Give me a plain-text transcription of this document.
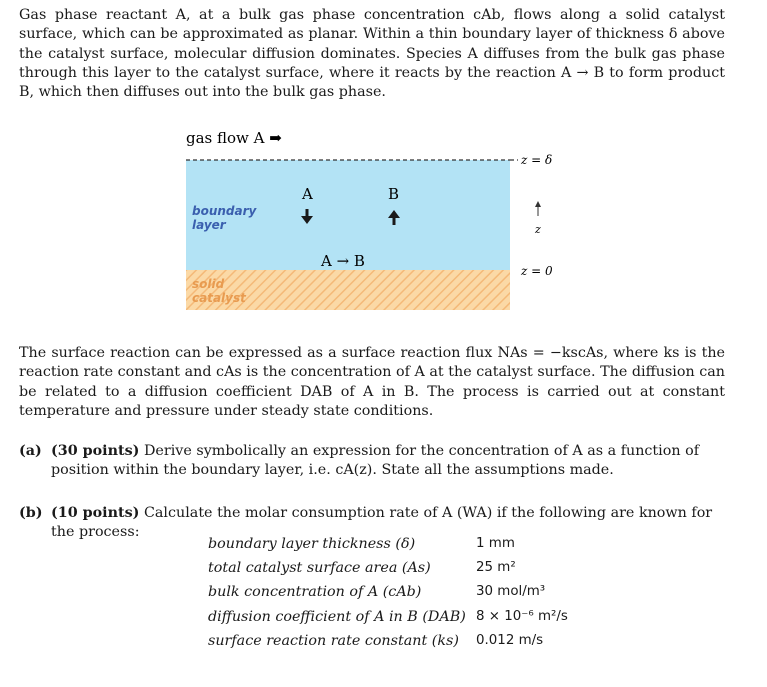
Gas phase reactant A, at a bulk gas phase concentration cAb, flows along a solid catalyst surface, which can be approximated as planar. Within a thin boundary layer of thickness δ above the catalyst surface, molecular diffusion dominates. Species A diffuses from the bulk gas phase through this layer to the catalyst surface, where it reacts by the reaction A → B to form product B, which then diffuses out into the bulk gas phase.
gas flow A ➡
z = δ
z = 0
z
A	B
A → B
boundary
layer
solid
catalyst
The surface reaction can be expressed as a surface reaction flux NAs = −kscAs, where ks is the reaction rate constant and cAs is the concentration of A at the catalyst surface. The diffusion can be related to a diffusion coefficient DAB of A in B. The process is carried out at constant temperature and pressure under steady state conditions.
(a) (30 points) Derive symbolically an expression for the concentration of A as a function of position within the boundary layer, i.e. cA(z). State all the assumptions made.
(b) (10 points) Calculate the molar consumption rate of A (WA) if the following are known for the process:
boundary layer thickness (δ)	1 mm
total catalyst surface area (As)	25 m²
bulk concentration of A (cAb)	30 mol/m³
diffusion coefficient of A in B (DAB) 8 × 10⁻⁶ m²/s
surface reaction rate constant (ks)	0.012 m/s
